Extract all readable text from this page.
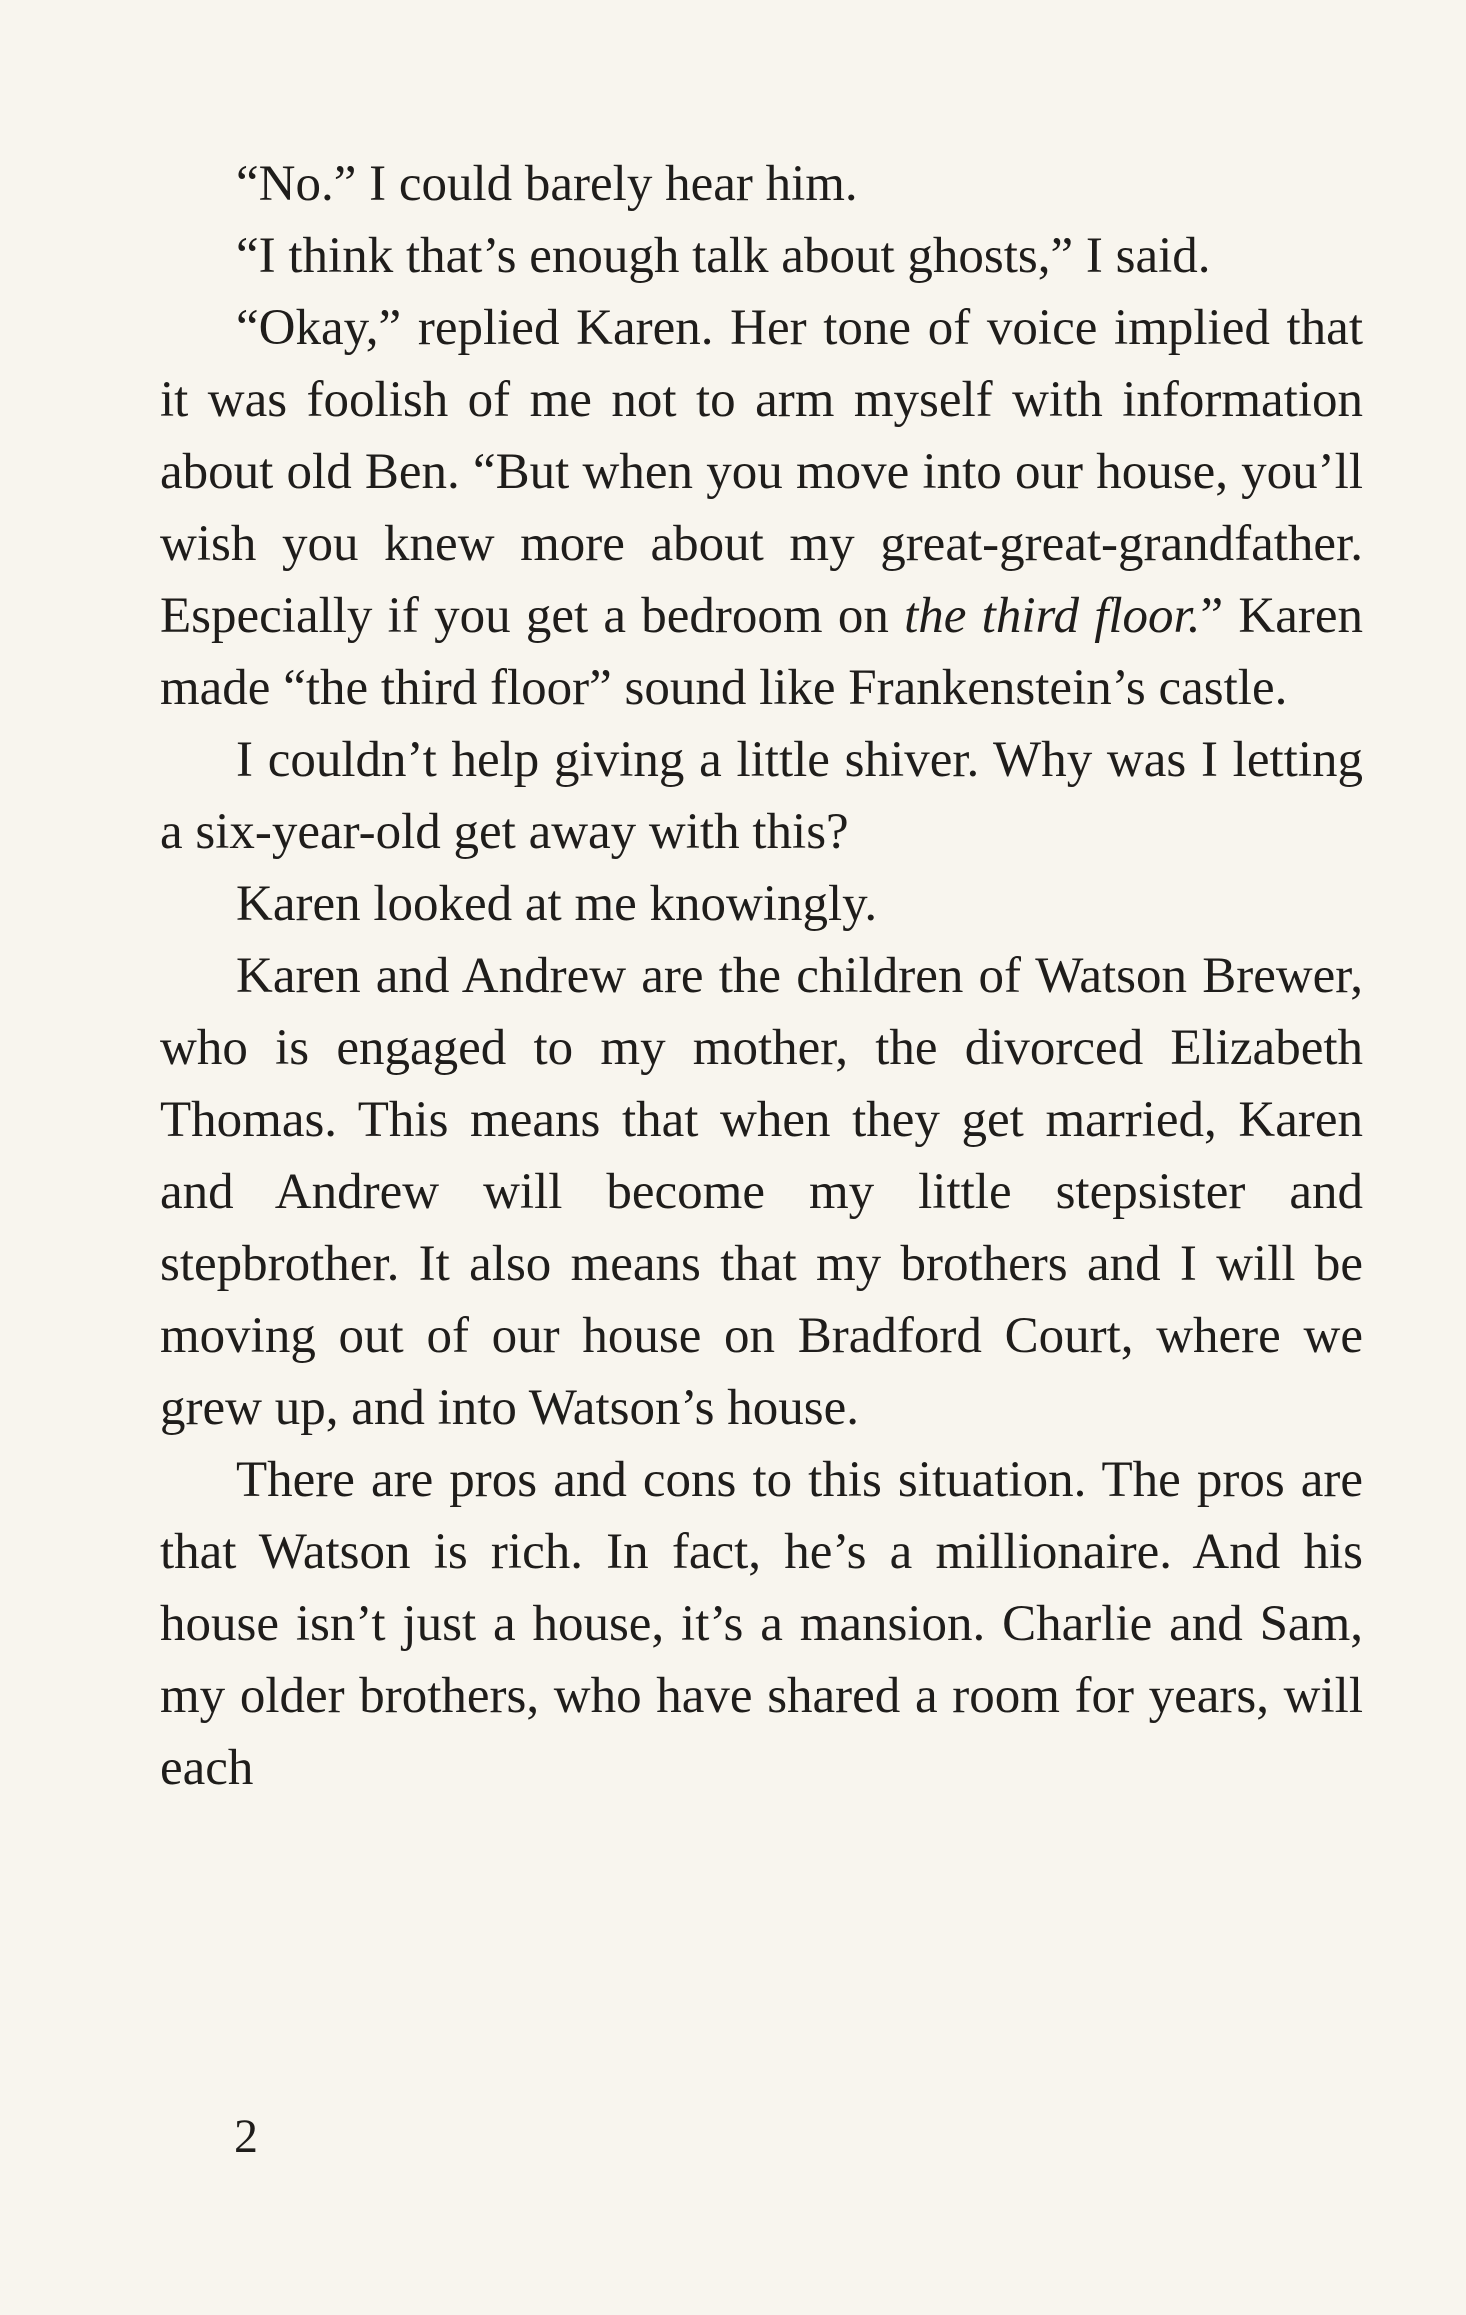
“No.” I could barely hear him.

“I think that’s enough talk about ghosts,” I said.

“Okay,” replied Karen. Her tone of voice implied that it was foolish of me not to arm myself with information about old Ben. “But when you move into our house, you’ll wish you knew more about my great-great-grandfather. Especially if you get a bedroom on the third floor.” Karen made “the third floor” sound like Frankenstein’s castle.

I couldn’t help giving a little shiver. Why was I letting a six-year-old get away with this?

Karen looked at me knowingly.

Karen and Andrew are the children of Watson Brewer, who is engaged to my mother, the divorced Elizabeth Thomas. This means that when they get married, Karen and Andrew will become my little stepsister and stepbrother. It also means that my brothers and I will be moving out of our house on Bradford Court, where we grew up, and into Watson’s house.

There are pros and cons to this situation. The pros are that Watson is rich. In fact, he’s a millionaire. And his house isn’t just a house, it’s a mansion. Charlie and Sam, my older brothers, who have shared a room for years, will each

2
